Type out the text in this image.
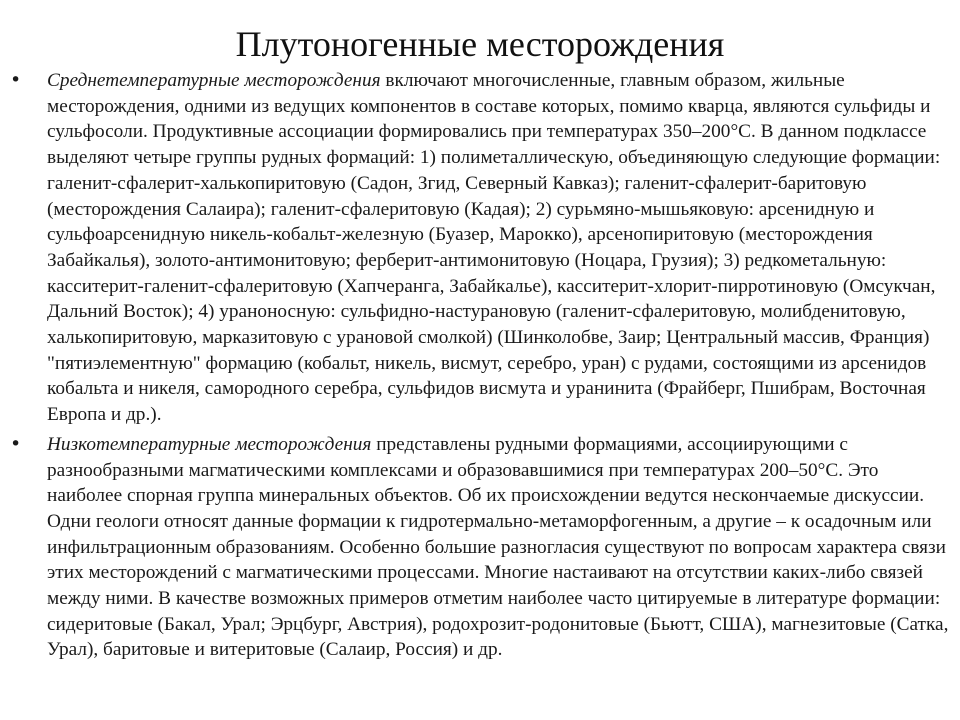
Плутоногенные месторождения
• Среднетемпературные месторождения включают многочисленные, главным образом, жильные месторождения, одними из ведущих компонентов в составе которых, помимо кварца, являются сульфиды и сульфосоли. Продуктивные ассоциации формировались при температурах 350–200°С. В данном подклассе выделяют четыре группы рудных формаций: 1) полиметаллическую, объединяющую следующие формации: галенит-сфалерит-халькопиритовую (Садон, Згид, Северный Кавказ); галенит-сфалерит-баритовую (месторождения Салаира); галенит-сфалеритовую (Кадая); 2) сурьмяно-мышьяковую: арсенидную и сульфоарсенидную никель-кобальт-железную (Буазер, Марокко), арсенопиритовую (месторождения Забайкалья), золото-антимонитовую; ферберит-антимонитовую (Ноцара, Грузия); 3) редкометальную: касситерит-галенит-сфалеритовую (Хапчеранга, Забайкалье), касситерит-хлорит-пирротиновую (Омсукчан, Дальний Восток); 4) ураноносную: сульфидно-настурановую (галенит-сфалеритовую, молибденитовую, халькопиритовую, марказитовую с урановой смолкой) (Шинколобве, Заир; Центральный массив, Франция) "пятиэлементную" формацию (кобальт, никель, висмут, серебро, уран) с рудами, состоящими из арсенидов кобальта и никеля, самородного серебра, сульфидов висмута и уранинита (Фрайберг, Пшибрам, Восточная Европа и др.).
• Низкотемпературные месторождения представлены рудными формациями, ассоциирующими с разнообразными магматическими комплексами и образовавшимися при температурах 200–50°С. Это наиболее спорная группа минеральных объектов. Об их происхождении ведутся нескончаемые дискуссии. Одни геологи относят данные формации к гидротермально-метаморфогенным, а другие – к осадочным или инфильтрационным образованиям. Особенно большие разногласия существуют по вопросам характера связи этих месторождений с магматическими процессами. Многие настаивают на отсутствии каких-либо связей между ними. В качестве возможных примеров отметим наиболее часто цитируемые в литературе формации: сидеритовые (Бакал, Урал; Эрцбург, Австрия), родохрозит-родонитовые (Бьютт, США), магнезитовые (Сатка, Урал), баритовые и витеритовые (Салаир, Россия) и др.
